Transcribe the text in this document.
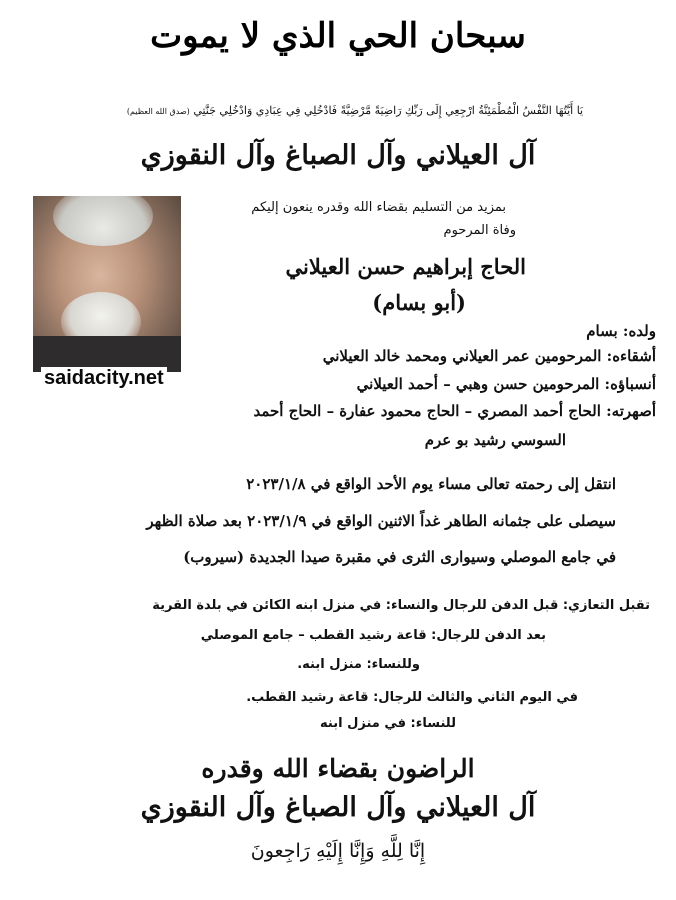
سبحان الحي الذي لا يموت
يَا أَيَّتُهَا النَّفْسُ الْمُطْمَئِنَّةُ ارْجِعِي إِلَى رَبِّكِ رَاضِيَةً مَّرْضِيَّةً فَادْخُلِي فِي عِبَادِي وَادْخُلِي جَنَّتِي (صدق الله العظيم)
آل العيلاني وآل الصباغ وآل النقوزي
saidacity.net
بمزيد من التسليم بقضاء الله وقدره ينعون إليكم
وفاة المرحوم
الحاج إبراهيم حسن العيلاني
(أبو بسام)
ولده: بسام
أشقاءه: المرحومين عمر العيلاني ومحمد خالد العيلاني
أنسباؤه: المرحومين حسن وهبي – أحمد العيلاني
أصهرته: الحاج أحمد المصري – الحاج محمود عفارة – الحاج أحمد
السوسي رشيد بو عرم
انتقل إلى رحمته تعالى مساء يوم الأحد الواقع في ٢٠٢٣/١/٨
سيصلى على جثمانه الطاهر غداً الاثنين الواقع في ٢٠٢٣/١/٩ بعد صلاة الظهر
في جامع الموصلي وسيوارى الثرى في مقبرة صيدا الجديدة (سيروب)
تقبل التعازي: قبل الدفن للرجال والنساء: في منزل ابنه الكائن في بلدة القرية
بعد الدفن للرجال: قاعة رشيد القطب – جامع الموصلي
وللنساء: منزل ابنه.
في اليوم الثاني والثالث للرجال: قاعة رشيد القطب.
للنساء: في منزل ابنه
الراضون بقضاء الله وقدره
آل العيلاني وآل الصباغ وآل النقوزي
إِنَّا لِلَّهِ وَإِنَّا إِلَيْهِ رَاجِعونَ
